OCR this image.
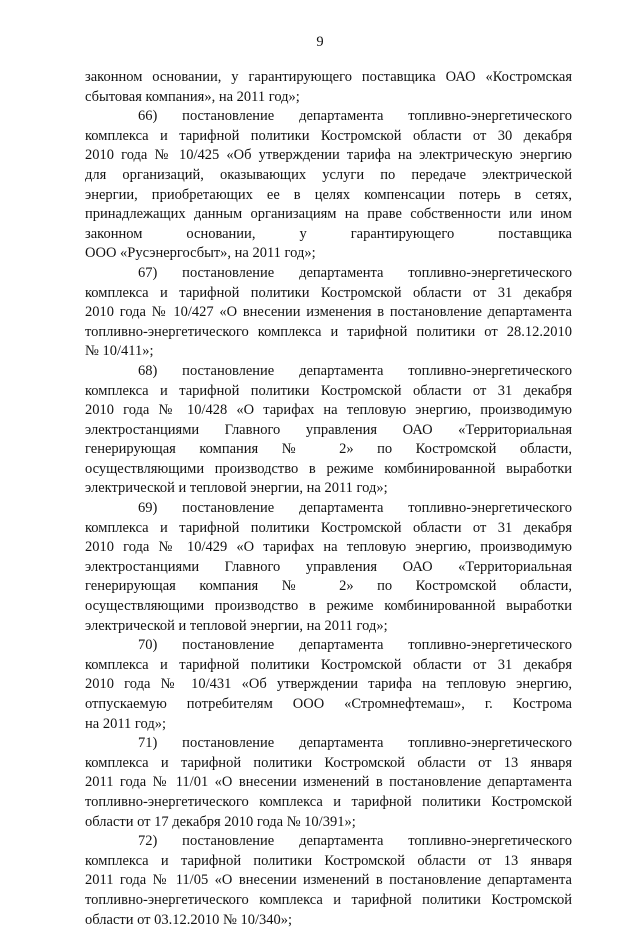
9
законном основании, у гарантирующего поставщика ОАО «Костромская
сбытовая компания», на 2011 год»;
66) постановление департамента топливно-энергетического
комплекса и тарифной политики Костромской области от 30 декабря
2010 года № 10/425 «Об утверждении тарифа на электрическую энергию
для организаций, оказывающих услуги по передаче электрической
энергии, приобретающих ее в целях компенсации потерь в сетях,
принадлежащих данным организациям на праве собственности или ином
законном основании, у гарантирующего поставщика
ООО «Русэнергосбыт», на 2011 год»;
67) постановление департамента топливно-энергетического
комплекса и тарифной политики Костромской области от 31 декабря
2010 года № 10/427 «О внесении изменения в постановление департамента
топливно-энергетического комплекса и тарифной политики от 28.12.2010
№ 10/411»;
68) постановление департамента топливно-энергетического
комплекса и тарифной политики Костромской области от 31 декабря
2010 года № 10/428 «О тарифах на тепловую энергию, производимую
электростанциями Главного управления ОАО «Территориальная
генерирующая компания № 2» по Костромской области,
осуществляющими производство в режиме комбинированной выработки
электрической и тепловой энергии, на 2011 год»;
69) постановление департамента топливно-энергетического
комплекса и тарифной политики Костромской области от 31 декабря
2010 года № 10/429 «О тарифах на тепловую энергию, производимую
электростанциями Главного управления ОАО «Территориальная
генерирующая компания № 2» по Костромской области,
осуществляющими производство в режиме комбинированной выработки
электрической и тепловой энергии, на 2011 год»;
70) постановление департамента топливно-энергетического
комплекса и тарифной политики Костромской области от 31 декабря
2010 года № 10/431 «Об утверждении тарифа на тепловую энергию,
отпускаемую потребителям ООО «Стромнефтемаш», г. Кострома
на 2011 год»;
71) постановление департамента топливно-энергетического
комплекса и тарифной политики Костромской области от 13 января
2011 года № 11/01 «О внесении изменений в постановление департамента
топливно-энергетического комплекса и тарифной политики Костромской
области от 17 декабря 2010 года № 10/391»;
72) постановление департамента топливно-энергетического
комплекса и тарифной политики Костромской области от 13 января
2011 года № 11/05 «О внесении изменений в постановление департамента
топливно-энергетического комплекса и тарифной политики Костромской
области от 03.12.2010 № 10/340»;
